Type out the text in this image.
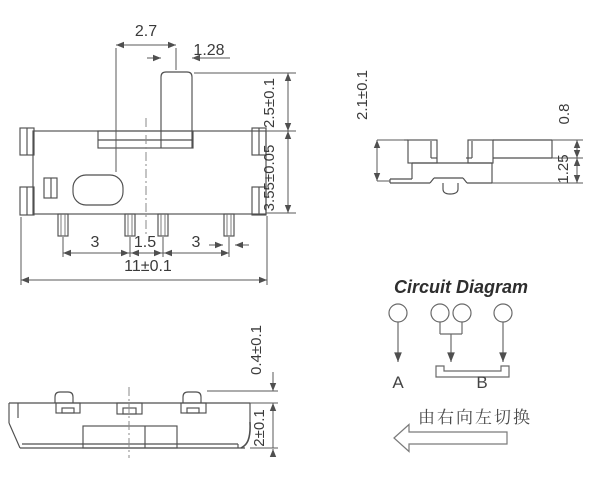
2.7
1.28
2.5±0.1
3.55±0.05
3	1.5	3
11±0.1
2.1±0.1	0.8
1.25
0.4±0.1
2±0.1
Circuit Diagram
A	B
由右向左切换
